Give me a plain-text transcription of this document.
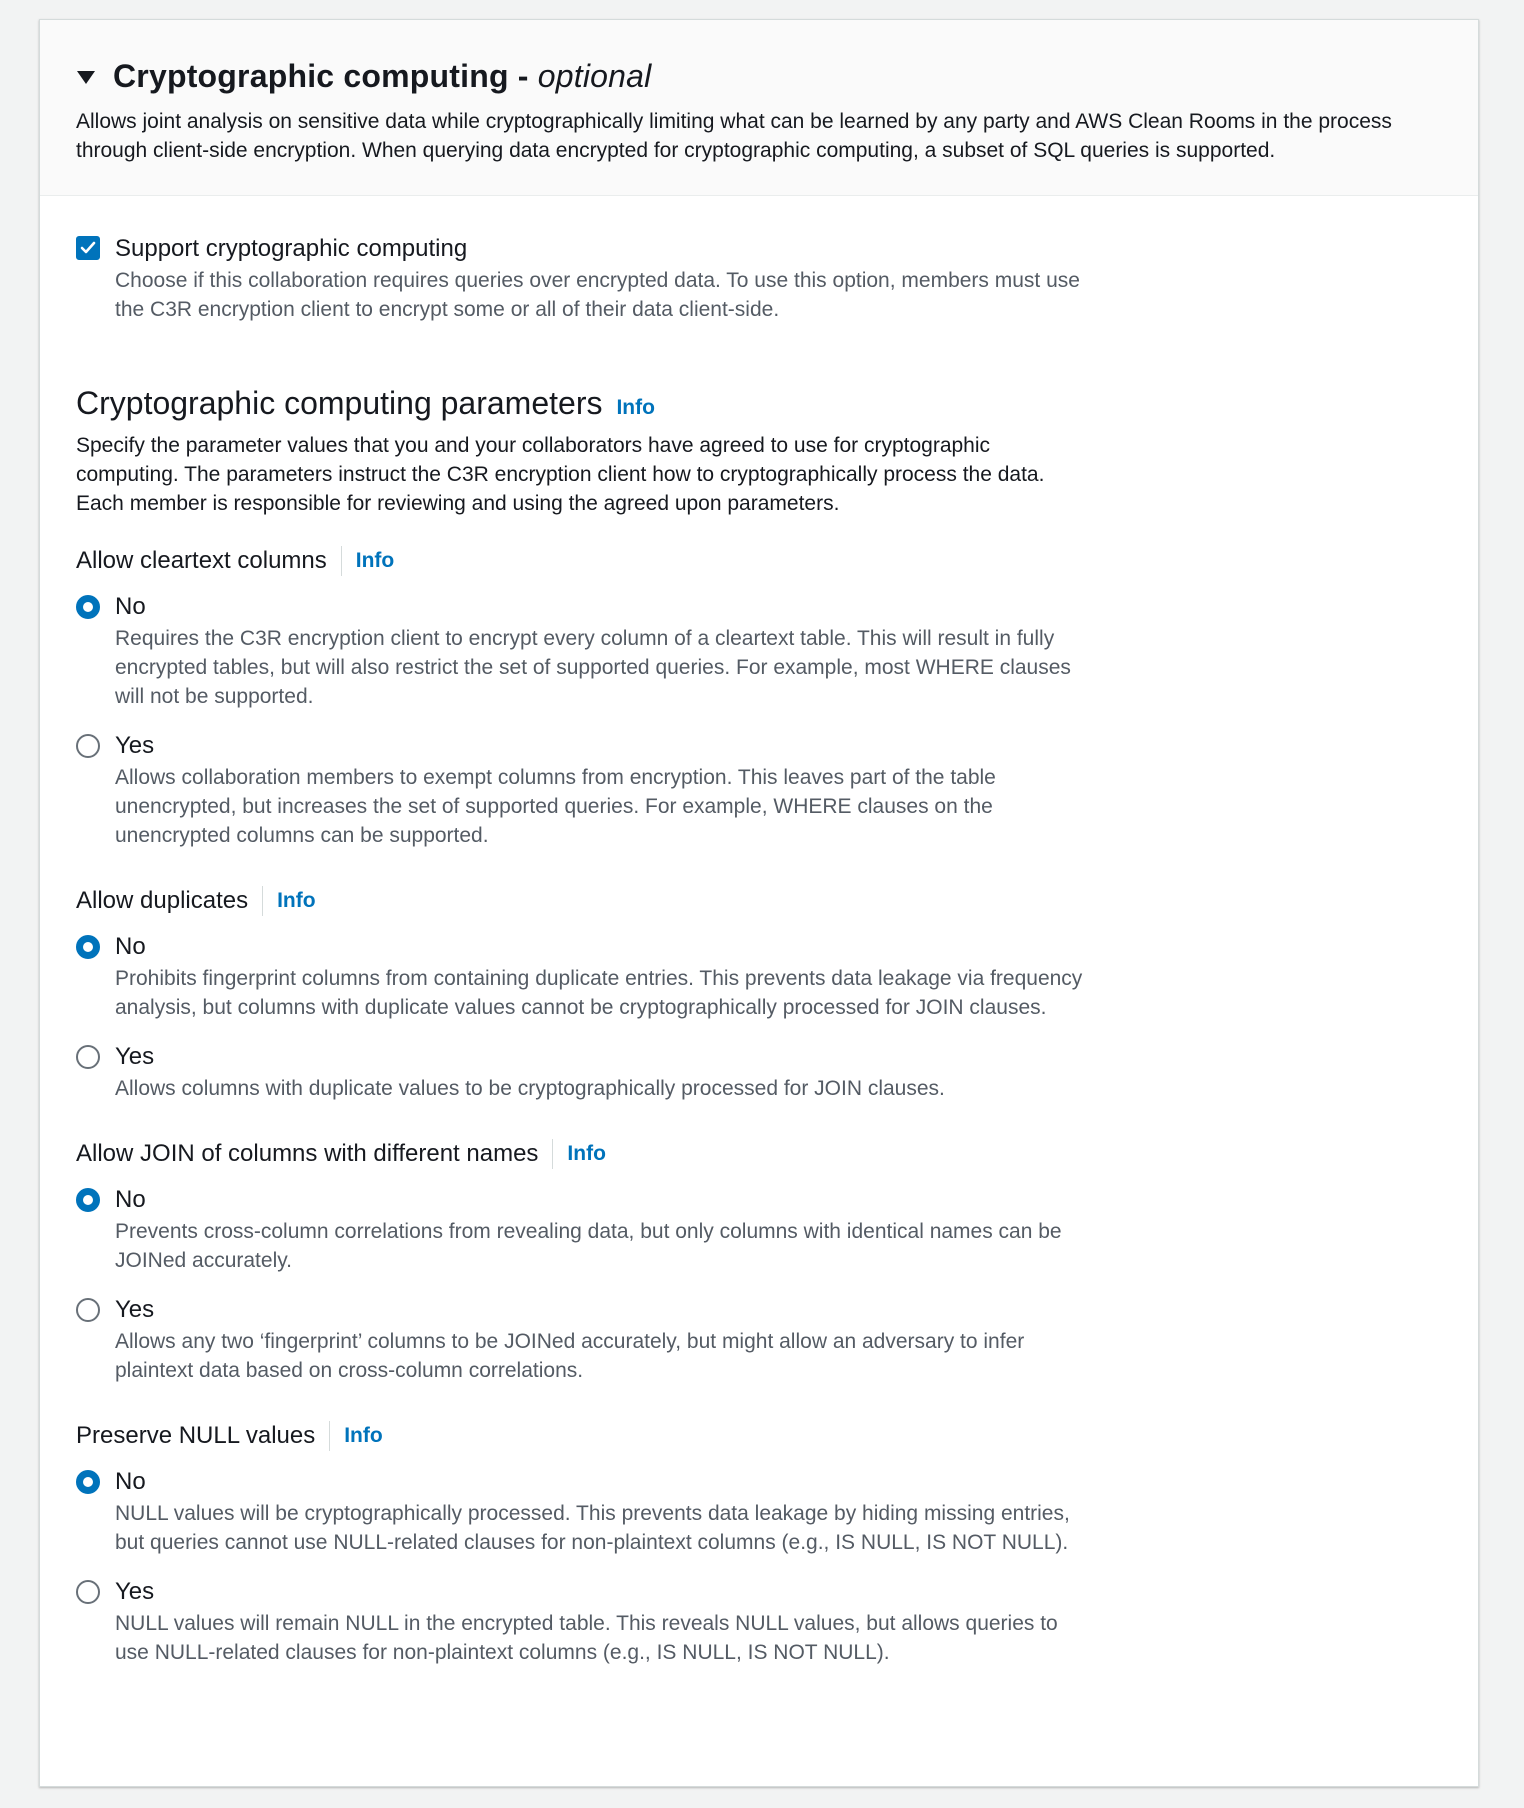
Cryptographic computing - optional
Allows joint analysis on sensitive data while cryptographically limiting what can be learned by any party and AWS Clean Rooms in the process through client-side encryption. When querying data encrypted for cryptographic computing, a subset of SQL queries is supported.
Support cryptographic computing
Choose if this collaboration requires queries over encrypted data. To use this option, members must use the C3R encryption client to encrypt some or all of their data client-side.
Cryptographic computing parameters Info
Specify the parameter values that you and your collaborators have agreed to use for cryptographic computing. The parameters instruct the C3R encryption client how to cryptographically process the data. Each member is responsible for reviewing and using the agreed upon parameters.
Allow cleartext columns Info
No
Requires the C3R encryption client to encrypt every column of a cleartext table. This will result in fully encrypted tables, but will also restrict the set of supported queries. For example, most WHERE clauses will not be supported.
Yes
Allows collaboration members to exempt columns from encryption. This leaves part of the table unencrypted, but increases the set of supported queries. For example, WHERE clauses on the unencrypted columns can be supported.
Allow duplicates Info
No
Prohibits fingerprint columns from containing duplicate entries. This prevents data leakage via frequency analysis, but columns with duplicate values cannot be cryptographically processed for JOIN clauses.
Yes
Allows columns with duplicate values to be cryptographically processed for JOIN clauses.
Allow JOIN of columns with different names Info
No
Prevents cross-column correlations from revealing data, but only columns with identical names can be JOINed accurately.
Yes
Allows any two ‘fingerprint’ columns to be JOINed accurately, but might allow an adversary to infer plaintext data based on cross-column correlations.
Preserve NULL values Info
No
NULL values will be cryptographically processed. This prevents data leakage by hiding missing entries, but queries cannot use NULL-related clauses for non-plaintext columns (e.g., IS NULL, IS NOT NULL).
Yes
NULL values will remain NULL in the encrypted table. This reveals NULL values, but allows queries to use NULL-related clauses for non-plaintext columns (e.g., IS NULL, IS NOT NULL).
